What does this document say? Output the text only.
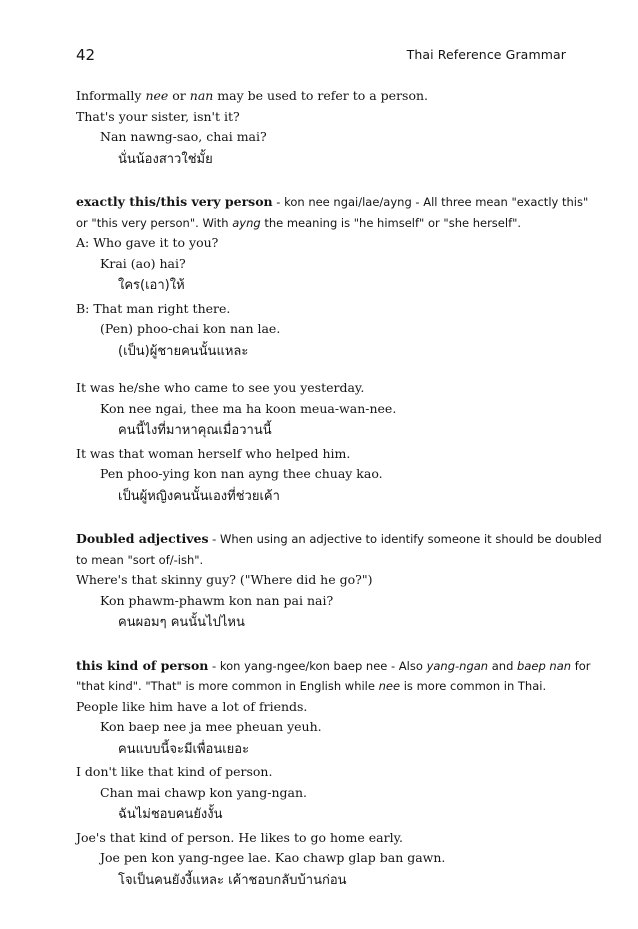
42	Thai Reference Grammar
Informally nee or nan may be used to refer to a person.
That's your sister, isn't it?
Nan nawng-sao, chai mai?
นั่นน้องสาวใช่มั้ย
exactly this/this very person - kon nee ngai/lae/ayng - All three mean "exactly this"
or "this very person". With ayng the meaning is "he himself" or "she herself".
A: Who gave it to you?
Krai (ao) hai?
ใคร(เอา)ให้
B: That man right there.
(Pen) phoo-chai kon nan lae.
(เป็น)ผู้ชายคนนั้นแหละ
It was he/she who came to see you yesterday.
Kon nee ngai, thee ma ha koon meua-wan-nee.
คนนี้ไงที่มาหาคุณเมื่อวานนี้
It was that woman herself who helped him.
Pen phoo-ying kon nan ayng thee chuay kao.
เป็นผู้หญิงคนนั้นเองที่ช่วยเค้า
Doubled adjectives - When using an adjective to identify someone it should be doubled
to mean "sort of/-ish".
Where's that skinny guy? ("Where did he go?")
Kon phawm-phawm kon nan pai nai?
คนผอมๆ คนนั้นไปไหน
this kind of person - kon yang-ngee/kon baep nee - Also yang-ngan and baep nan for
"that kind". "That" is more common in English while nee is more common in Thai.
People like him have a lot of friends.
Kon baep nee ja mee pheuan yeuh.
คนแบบนี้จะมีเพื่อนเยอะ
I don't like that kind of person.
Chan mai chawp kon yang-ngan.
ฉันไม่ชอบคนยังงั้น
Joe's that kind of person. He likes to go home early.
Joe pen kon yang-ngee lae. Kao chawp glap ban gawn.
โจเป็นคนยังงี้แหละ เค้าชอบกลับบ้านก่อน
